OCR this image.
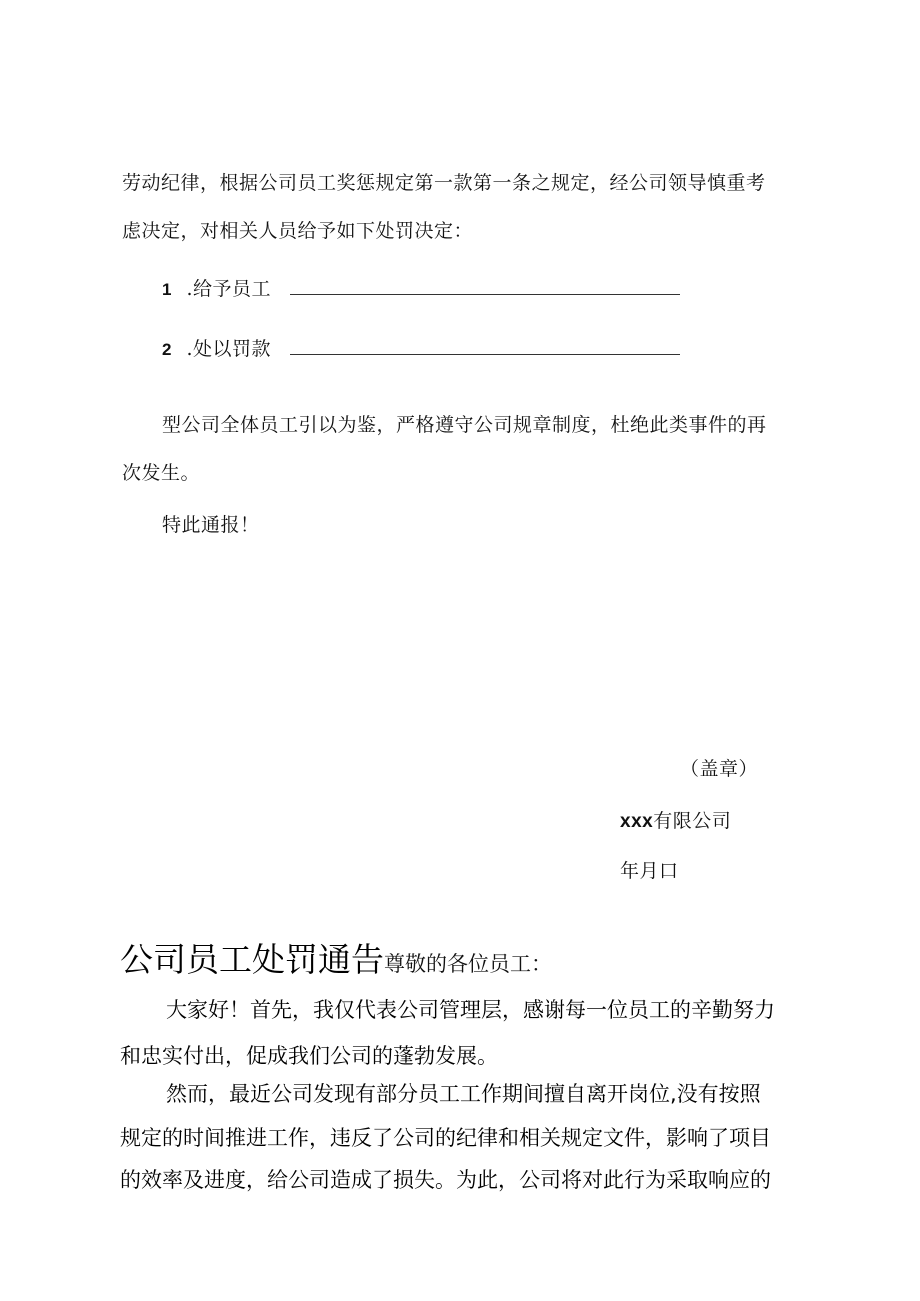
劳动纪律，根据公司员工奖惩规定第一款第一条之规定，经公司领导慎重考
虑决定，对相关人员给予如下处罚决定：
1 .给予员工
2 .处以罚款
型公司全体员工引以为鉴，严格遵守公司规章制度，杜绝此类事件的再
次发生。
特此通报！
（盖章）
xxx有限公司
年月口
公司员工处罚通告尊敬的各位员工：
大家好！首先，我仅代表公司管理层，感谢每一位员工的辛勤努力
和忠实付出，促成我们公司的蓬勃发展。
然而，最近公司发现有部分员工工作期间擅自离开岗位,没有按照
规定的时间推进工作，违反了公司的纪律和相关规定文件，影响了项目
的效率及进度，给公司造成了损失。为此，公司将对此行为采取响应的
